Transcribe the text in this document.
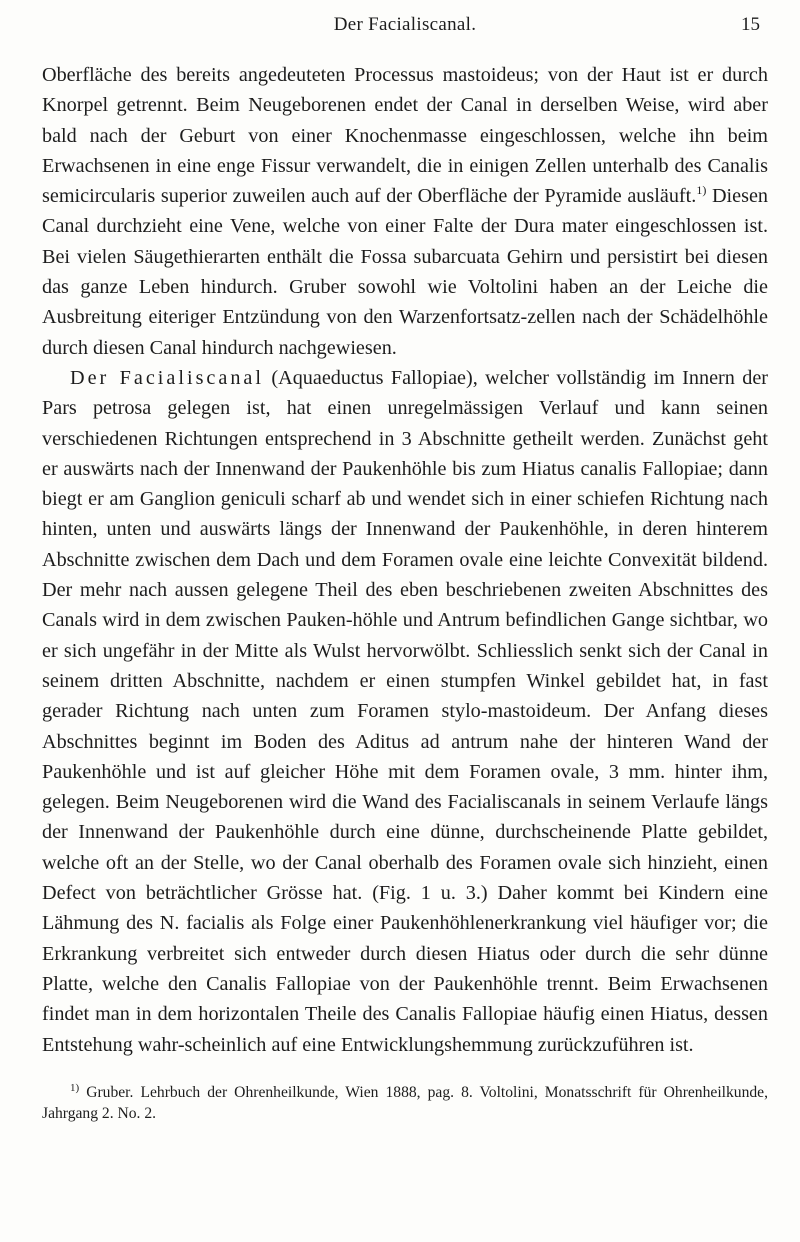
Der Facialiscanal.	15

Oberfläche des bereits angedeuteten Processus mastoideus; von der Haut ist er durch Knorpel getrennt. Beim Neugeborenen endet der Canal in derselben Weise, wird aber bald nach der Geburt von einer Knochenmasse eingeschlossen, welche ihn beim Erwachsenen in eine enge Fissur verwandelt, die in einigen Zellen unterhalb des Canalis semicircularis superior zuweilen auch auf der Oberfläche der Pyramide ausläuft.$^{1)}$ Diesen Canal durchzieht eine Vene, welche von einer Falte der Dura mater eingeschlossen ist. Bei vielen Säugethierarten enthält die Fossa subarcuata Gehirn und persistirt bei diesen das ganze Leben hindurch. Gruber sowohl wie Voltolini haben an der Leiche die Ausbreitung eiteriger Entzündung von den Warzenfortsatz-zellen nach der Schädelhöhle durch diesen Canal hindurch nachgewiesen.

Der Facialiscanal (Aquaeductus Fallopiae), welcher vollständig im Innern der Pars petrosa gelegen ist, hat einen unregelmässigen Verlauf und kann seinen verschiedenen Richtungen entsprechend in 3 Abschnitte getheilt werden. Zunächst geht er auswärts nach der Innenwand der Paukenhöhle bis zum Hiatus canalis Fallopiae; dann biegt er am Ganglion geniculi scharf ab und wendet sich in einer schiefen Richtung nach hinten, unten und auswärts längs der Innenwand der Paukenhöhle, in deren hinterem Abschnitte zwischen dem Dach und dem Foramen ovale eine leichte Convexität bildend. Der mehr nach aussen gelegene Theil des eben beschriebenen zweiten Abschnittes des Canals wird in dem zwischen Pauken-höhle und Antrum befindlichen Gange sichtbar, wo er sich ungefähr in der Mitte als Wulst hervorwölbt. Schliesslich senkt sich der Canal in seinem dritten Abschnitte, nachdem er einen stumpfen Winkel gebildet hat, in fast gerader Richtung nach unten zum Foramen stylo-mastoideum. Der Anfang dieses Abschnittes beginnt im Boden des Aditus ad antrum nahe der hinteren Wand der Paukenhöhle und ist auf gleicher Höhe mit dem Foramen ovale, 3 mm. hinter ihm, gelegen. Beim Neugeborenen wird die Wand des Facialiscanals in seinem Verlaufe längs der Innenwand der Paukenhöhle durch eine dünne, durchscheinende Platte gebildet, welche oft an der Stelle, wo der Canal oberhalb des Foramen ovale sich hinzieht, einen Defect von beträchtlicher Grösse hat. (Fig. 1 u. 3.) Daher kommt bei Kindern eine Lähmung des N. facialis als Folge einer Paukenhöhlenerkrankung viel häufiger vor; die Erkrankung verbreitet sich entweder durch diesen Hiatus oder durch die sehr dünne Platte, welche den Canalis Fallopiae von der Paukenhöhle trennt. Beim Erwachsenen findet man in dem horizontalen Theile des Canalis Fallopiae häufig einen Hiatus, dessen Entstehung wahr-scheinlich auf eine Entwicklungshemmung zurückzuführen ist.

$^{1)}$ Gruber. Lehrbuch der Ohrenheilkunde, Wien 1888, pag. 8. Voltolini, Monatsschrift für Ohrenheilkunde, Jahrgang 2. No. 2.
